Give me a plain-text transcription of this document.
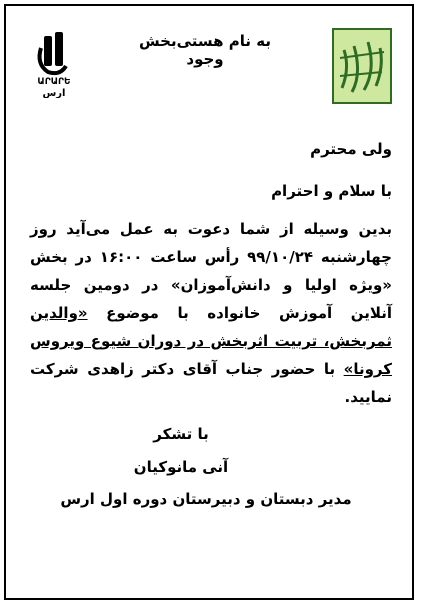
ԱՐԱՐԵ
ارس
به نام هستی‌بخش وجود
ولی محترم
با سلام و احترام
بدین وسیله از شما دعوت به عمل می‌آید روز چهارشنبه ۹۹/۱۰/۲۴ رأس ساعت ۱۶:۰۰ در بخش «ویژه اولیا و دانش‌آموزان» در دومین جلسه آنلاین آموزش خانواده با موضوع «والدین ثمربخش، تربیت اثربخش در دوران شیوع ویروس کرونا» با حضور جناب آقای دکتر زاهدی شرکت نمایید.
با تشکر
آنی مانوکیان
مدیر دبستان و دبیرستان دوره اول ارس
